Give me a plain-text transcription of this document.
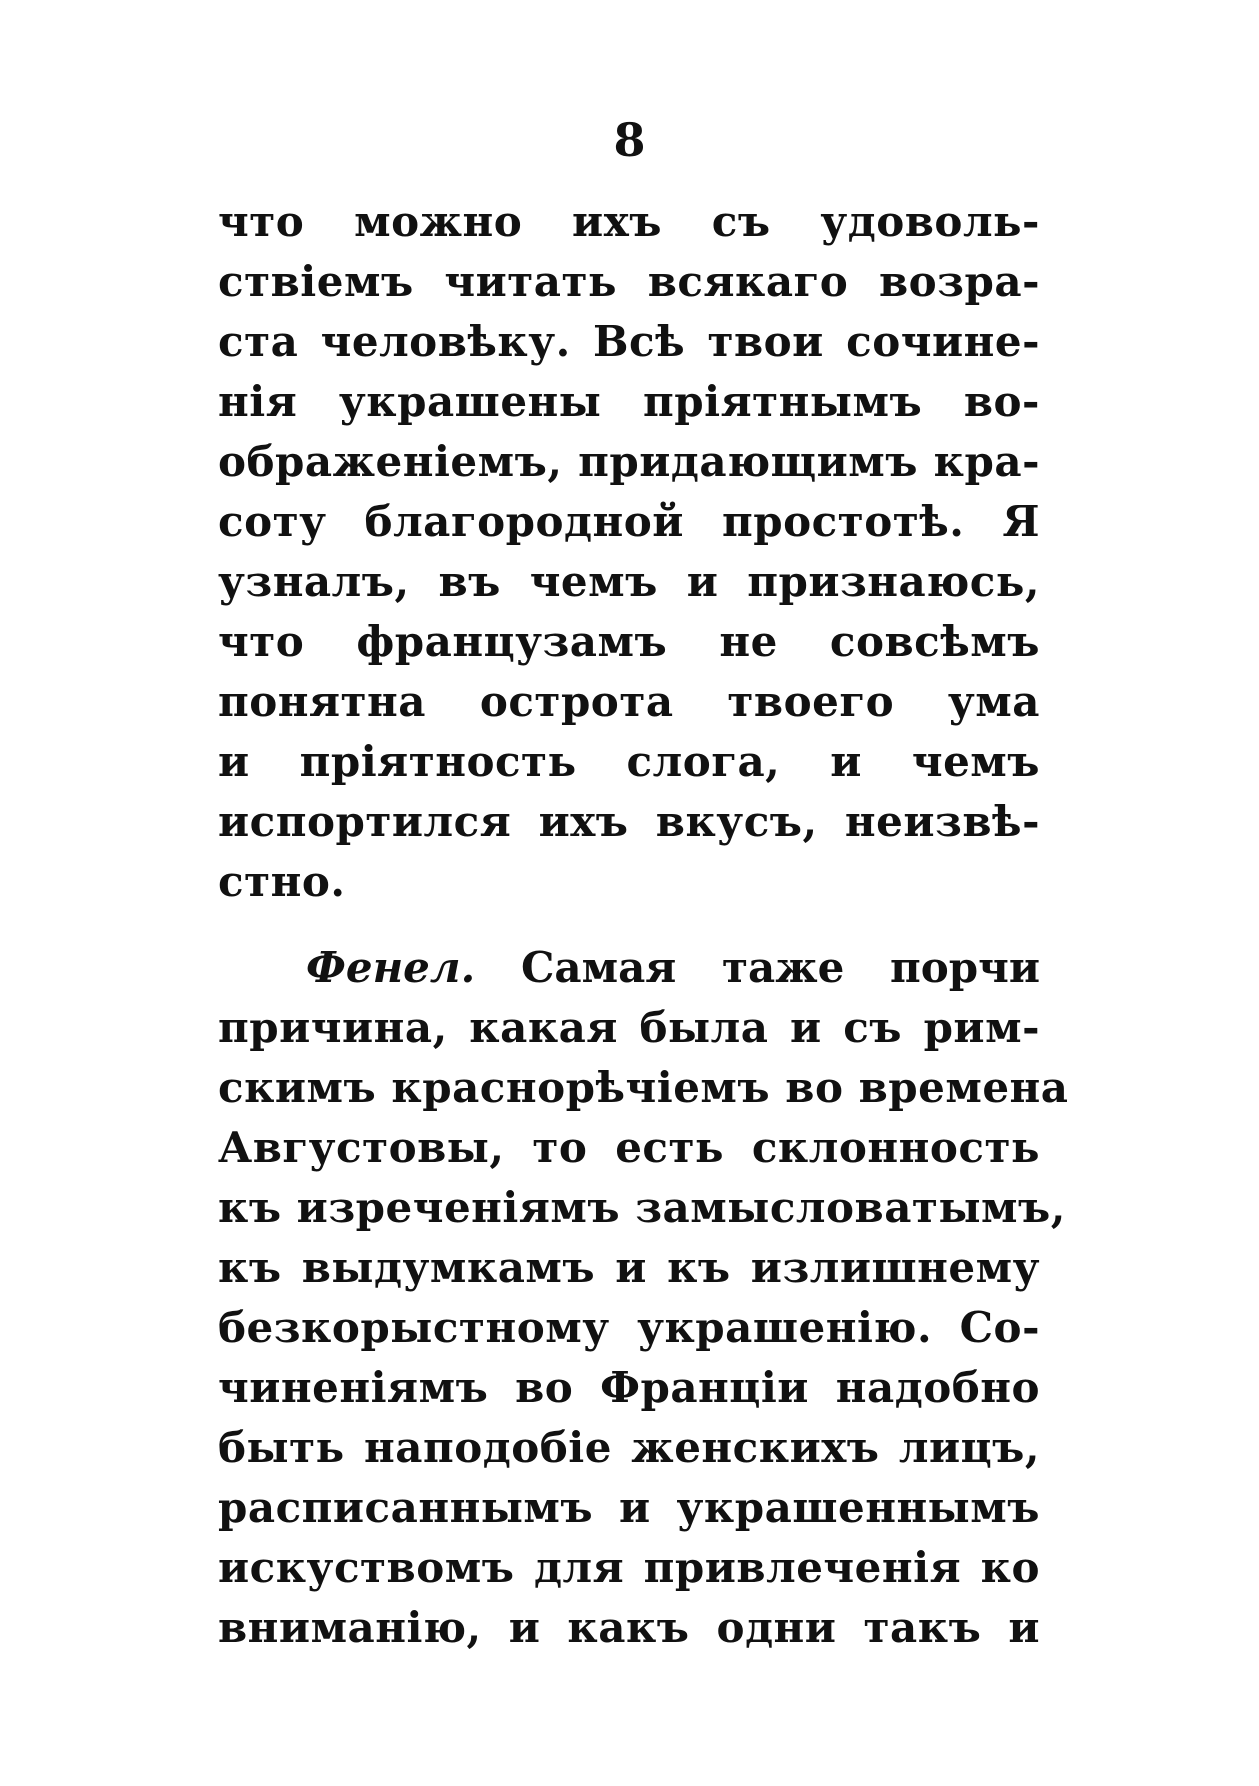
8
что можно ихъ съ удоволь-
ствіемъ читать всякаго возра-
ста человѣку. Всѣ твои сочине-
нія украшены пріятнымъ во-
ображеніемъ, придающимъ кра-
соту благородной простотѣ. Я
узналъ, въ чемъ и признаюсь,
что французамъ не совсѣмъ
понятна острота твоего ума
и пріятность слога, и чемъ
испортился ихъ вкусъ, неизвѣ-
стно.
Фенел. Самая таже порчи
причина, какая была и съ рим-
скимъ краснорѣчіемъ во времена
Августовы, то есть склонность
къ изреченіямъ замысловатымъ,
къ выдумкамъ и къ излишнему
безкорыстному украшенію. Со-
чиненіямъ во Франціи надобно
быть наподобіе женскихъ лицъ,
расписаннымъ и украшеннымъ
искуствомъ для привлеченія ко
вниманію, и какъ одни такъ и
